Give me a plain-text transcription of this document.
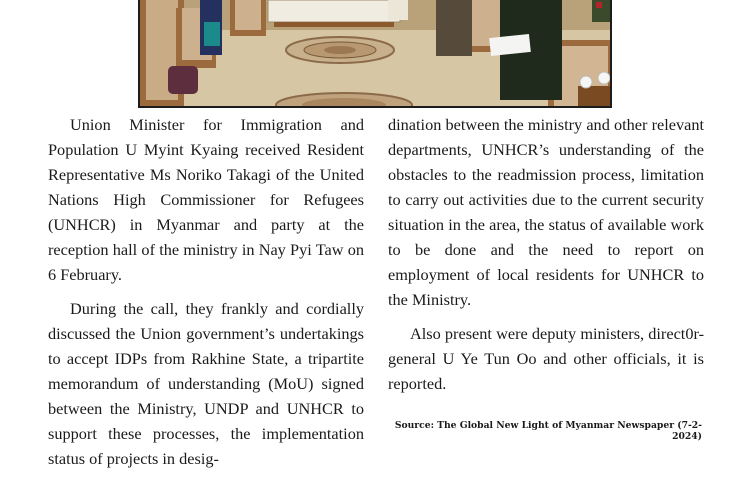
Union Minister for Immigration and Population U Myint Kyaing received Resident Representative Ms Noriko Takagi of the United Nations High Commissioner for Refugees (UNHCR) in Myanmar and party at the reception hall of the ministry in Nay Pyi Taw on 6 February.

During the call, they frankly and cordially discussed the Union government’s undertakings to accept IDPs from Rakhine State, a tripartite memorandum of understanding (MoU) signed between the Ministry, UNDP and UNHCR to support these processes, the implementation status of projects in desig-

dination between the ministry and other relevant departments, UNHCR’s understanding of the obstacles to the readmission process, limitation to carry out activities due to the current security situation in the area, the status of available work to be done and the need to report on employment of local residents for UNHCR to the Ministry.

Also present were deputy ministers, direct0r-general U Ye Tun Oo and other officials, it is reported.

Source: The Global New Light of Myanmar Newspaper (7-2-2024)
